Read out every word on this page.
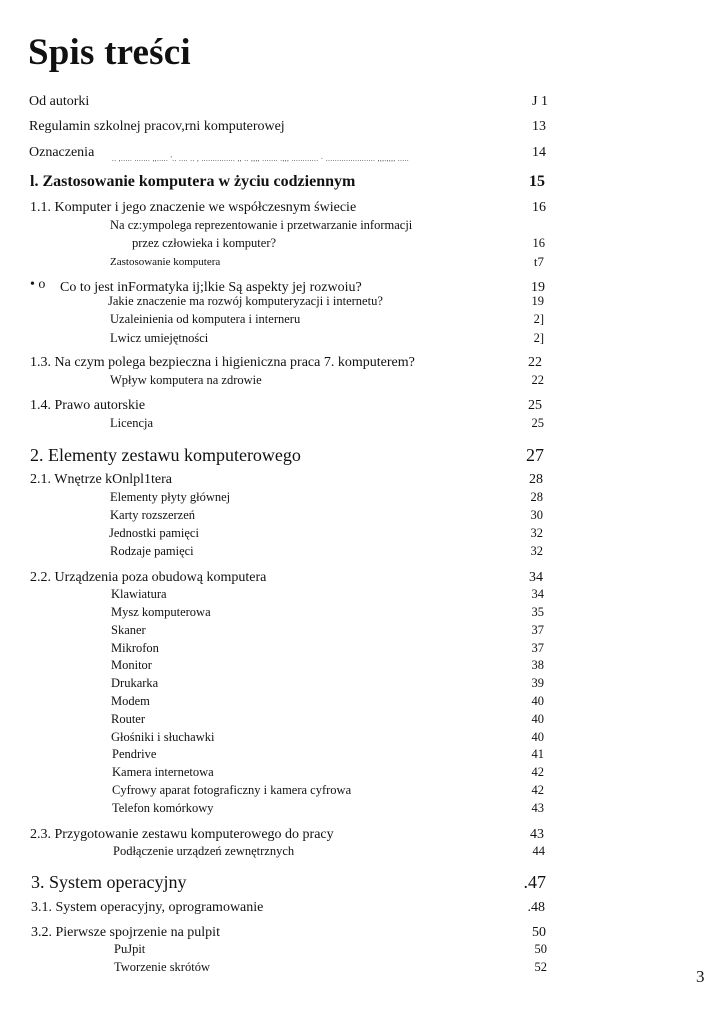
Spis treści
• o
Od autorki	J 1
Regulamin szkolnej pracov,rni komputerowej	13
Oznaczenia	.. ,..... ....... ,,..... '.. .... .. , ............... ,, .. ,,,, ....... .,,, ............ · ...................... ,,,.,,,, .....	14
l. Zastosowanie komputera w życiu codziennym	15
1.1. Komputer i jego znaczenie we współczesnym świecie	16
Na cz:ympolega reprezentowanie i przetwarzanie informacji
przez człowieka i komputer?	16
Zastosowanie komputera	t7
Co to jest inFormatyka ij;lkie Są aspekty jej rozwoiu?	19
Jakie znaczenie ma rozwój komputeryzacji i internetu?	19
Uzaleinienia od komputera i interneru	2]
Lwicz umiejętności	2]
1.3. Na czym polega bezpieczna i higieniczna praca 7. komputerem?	22
Wpływ komputera na zdrowie	22
1.4. Prawo autorskie	25
Licencja	25
2. Elementy zestawu komputerowego	27
2.1. Wnętrze kOnlpl1tera	28
Elementy płyty głównej	28
Karty rozszerzeń	30
Jednostki pamięci	32
Rodzaje pamięci	32
2.2. Urządzenia poza obudową komputera	34
Klawiatura	34
Mysz komputerowa	35
Skaner	37
Mikrofon	37
Monitor	38
Drukarka	39
Modem	40
Router	40
Głośniki i słuchawki	40
Pendrive	41
Kamera internetowa	42
Cyfrowy aparat fotograficzny i kamera cyfrowa	42
Telefon komórkowy	43
2.3. Przygotowanie zestawu komputerowego do pracy	43
Podłączenie urządzeń zewnętrznych	44
3. System operacyjny	.47
3.1. System operacyjny, oprogramowanie	.48
3.2. Pierwsze spojrzenie na pulpit	50
PuJpit	50
Tworzenie skrótów	52	3
